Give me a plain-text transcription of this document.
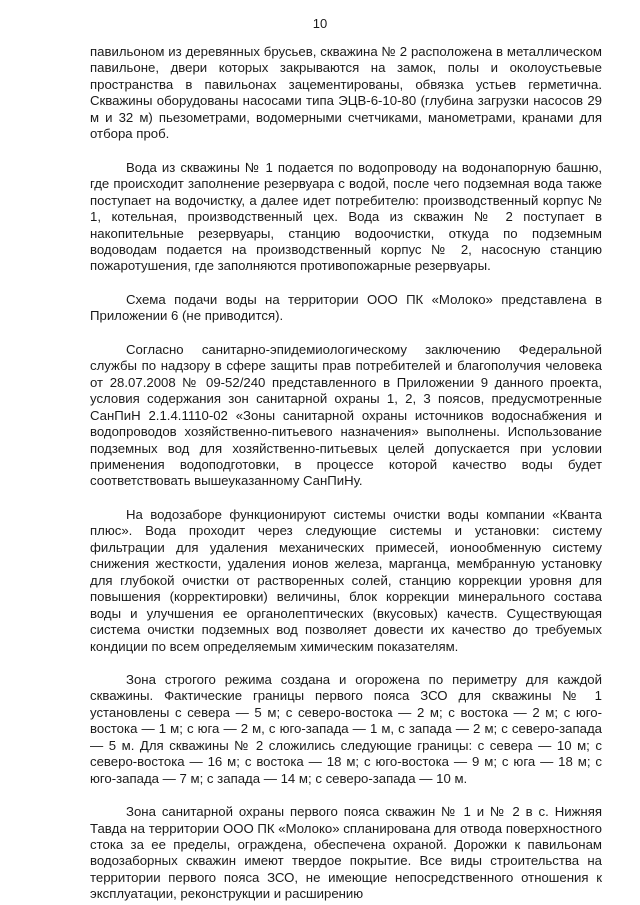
10

павильоном из деревянных брусьев, скважина № 2 расположена в металлическом павильоне, двери которых закрываются на замок, полы и околоустьевые пространства в павильонах зацементированы, обвязка устьев герметична. Скважины оборудованы насосами типа ЭЦВ-6-10-80 (глубина загрузки насосов 29 м и 32 м) пьезометрами, водомерными счетчиками, манометрами, кранами для отбора проб.

Вода из скважины № 1 подается по водопроводу на водонапорную башню, где происходит заполнение резервуара с водой, после чего подземная вода также поступает на водочистку, а далее идет потребителю: производственный корпус № 1, котельная, производственный цех. Вода из скважин № 2 поступает в накопительные резервуары, станцию водоочистки, откуда по подземным водоводам подается на производственный корпус № 2, насосную станцию пожаротушения, где заполняются противопожарные резервуары.

Схема подачи воды на территории ООО ПК «Молоко» представлена в Приложении 6 (не приводится).

Согласно санитарно-эпидемиологическому заключению Федеральной службы по надзору в сфере защиты прав потребителей и благополучия человека от 28.07.2008 № 09-52/240 представленного в Приложении 9 данного проекта, условия содержания зон санитарной охраны 1, 2, 3 поясов, предусмотренные СанПиН 2.1.4.1110-02 «Зоны санитарной охраны источников водоснабжения и водопроводов хозяйственно-питьевого назначения» выполнены. Использование подземных вод для хозяйственно-питьевых целей допускается при условии применения водоподготовки, в процессе которой качество воды будет соответствовать вышеуказанному СанПиНу.

На водозаборе функционируют системы очистки воды компании «Кванта плюс». Вода проходит через следующие системы и установки: систему фильтрации для удаления механических примесей, ионообменную систему снижения жесткости, удаления ионов железа, марганца, мембранную установку для глубокой очистки от растворенных солей, станцию коррекции уровня для повышения (корректировки) величины, блок коррекции минерального состава воды и улучшения ее органолептических (вкусовых) качеств. Существующая система очистки подземных вод позволяет довести их качество до требуемых кондиции по всем определяемым химическим показателям.

Зона строгого режима создана и огорожена по периметру для каждой скважины. Фактические границы первого пояса ЗСО для скважины № 1 установлены с севера — 5 м; с северо-востока — 2 м; с востока — 2 м; с юго-востока — 1 м; с юга — 2 м, с юго-запада — 1 м, с запада — 2 м; с северо-запада — 5 м. Для скважины № 2 сложились следующие границы: с севера — 10 м; с северо-востока — 16 м; с востока — 18 м; с юго-востока — 9 м; с юга — 18 м; с юго-запада — 7 м; с запада — 14 м; с северо-запада — 10 м.

Зона санитарной охраны первого пояса скважин № 1 и № 2 в с. Нижняя Тавда на территории ООО ПК «Молоко» спланирована для отвода поверхностного стока за ее пределы, ограждена, обеспечена охраной. Дорожки к павильонам водозаборных скважин имеют твердое покрытие. Все виды строительства на территории первого пояса ЗСО, не имеющие непосредственного отношения к эксплуатации, реконструкции и расширению
